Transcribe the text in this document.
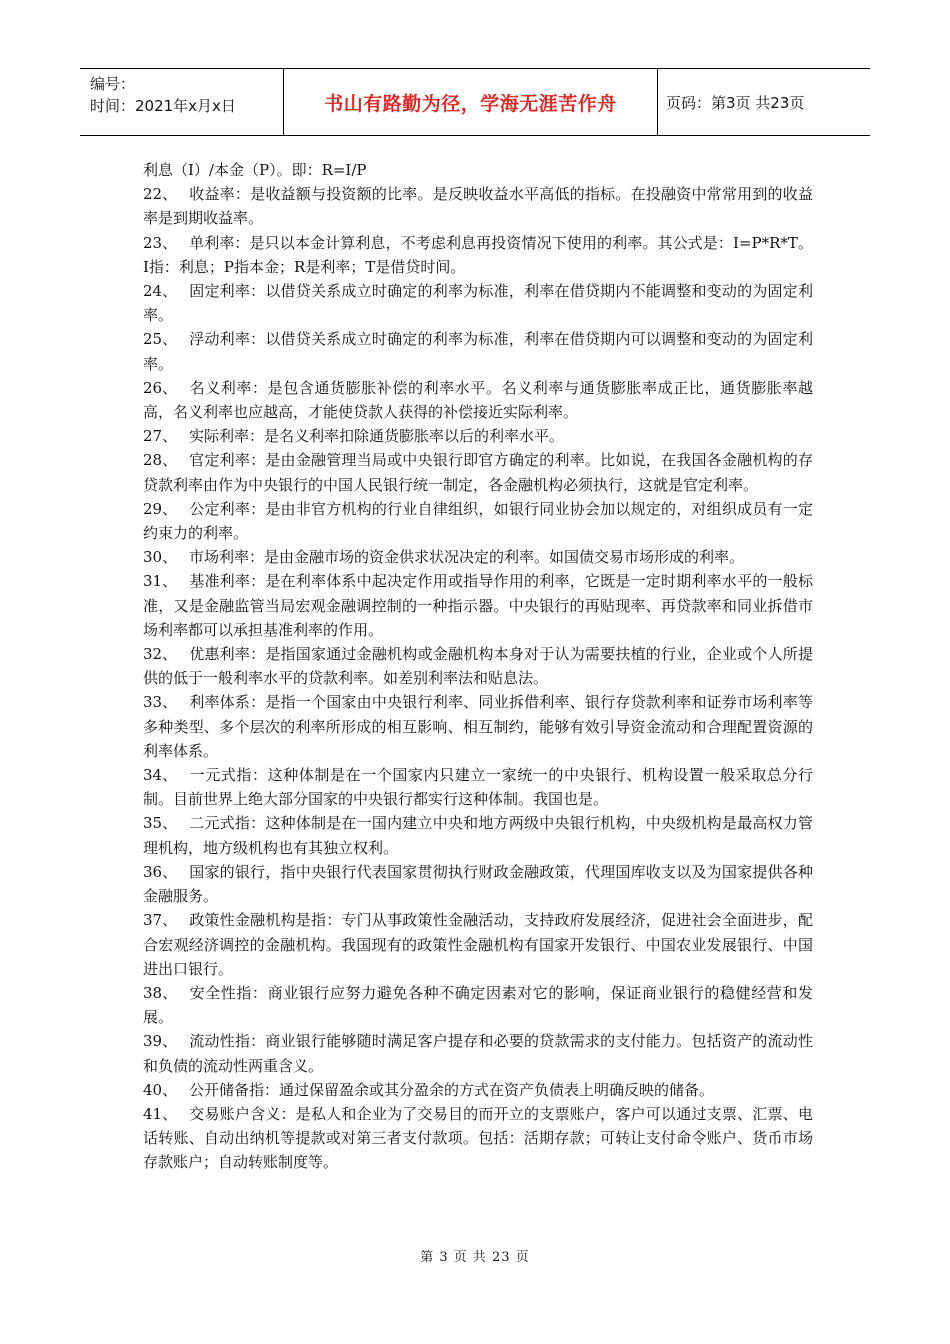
编号：
时间：2021年x月x日	书山有路勤为径，学海无涯苦作舟	页码：第3页 共23页

利息（I）/本金（P）。即：R=I/P

22、 收益率：是收益额与投资额的比率。是反映收益水平高低的指标。在投融资中常常用到的收益率是到期收益率。

23、 单利率：是只以本金计算利息，不考虑利息再投资情况下使用的利率。其公式是：I=P*R*T。I指：利息；P指本金；R是利率；T是借贷时间。

24、 固定利率：以借贷关系成立时确定的利率为标准，利率在借贷期内不能调整和变动的为固定利率。

25、 浮动利率：以借贷关系成立时确定的利率为标准，利率在借贷期内可以调整和变动的为固定利率。

26、 名义利率：是包含通货膨胀补偿的利率水平。名义利率与通货膨胀率成正比，通货膨胀率越高，名义利率也应越高，才能使贷款人获得的补偿接近实际利率。

27、 实际利率：是名义利率扣除通货膨胀率以后的利率水平。

28、 官定利率：是由金融管理当局或中央银行即官方确定的利率。比如说，在我国各金融机构的存贷款利率由作为中央银行的中国人民银行统一制定，各金融机构必须执行，这就是官定利率。

29、 公定利率：是由非官方机构的行业自律组织，如银行同业协会加以规定的，对组织成员有一定约束力的利率。

30、 市场利率：是由金融市场的资金供求状况决定的利率。如国债交易市场形成的利率。

31、 基准利率：是在利率体系中起决定作用或指导作用的利率，它既是一定时期利率水平的一般标准，又是金融监管当局宏观金融调控制的一种指示器。中央银行的再贴现率、再贷款率和同业拆借市场利率都可以承担基准利率的作用。

32、 优惠利率：是指国家通过金融机构或金融机构本身对于认为需要扶植的行业，企业或个人所提供的低于一般利率水平的贷款利率。如差别利率法和贴息法。

33、 利率体系：是指一个国家由中央银行利率、同业拆借利率、银行存贷款利率和证券市场利率等多种类型、多个层次的利率所形成的相互影响、相互制约，能够有效引导资金流动和合理配置资源的利率体系。

34、 一元式指：这种体制是在一个国家内只建立一家统一的中央银行、机构设置一般采取总分行制。目前世界上绝大部分国家的中央银行都实行这种体制。我国也是。

35、 二元式指：这种体制是在一国内建立中央和地方两级中央银行机构，中央级机构是最高权力管理机构，地方级机构也有其独立权利。

36、 国家的银行，指中央银行代表国家贯彻执行财政金融政策，代理国库收支以及为国家提供各种金融服务。

37、 政策性金融机构是指：专门从事政策性金融活动，支持政府发展经济，促进社会全面进步，配合宏观经济调控的金融机构。我国现有的政策性金融机构有国家开发银行、中国农业发展银行、中国进出口银行。

38、 安全性指：商业银行应努力避免各种不确定因素对它的影响，保证商业银行的稳健经营和发展。

39、 流动性指：商业银行能够随时满足客户提存和必要的贷款需求的支付能力。包括资产的流动性和负债的流动性两重含义。

40、 公开储备指：通过保留盈余或其分盈余的方式在资产负债表上明确反映的储备。

41、 交易账户含义：是私人和企业为了交易目的而开立的支票账户，客户可以通过支票、汇票、电话转账、自动出纳机等提款或对第三者支付款项。包括：活期存款；可转让支付命令账户、货币市场存款账户；自动转账制度等。

第 3 页 共 23 页
